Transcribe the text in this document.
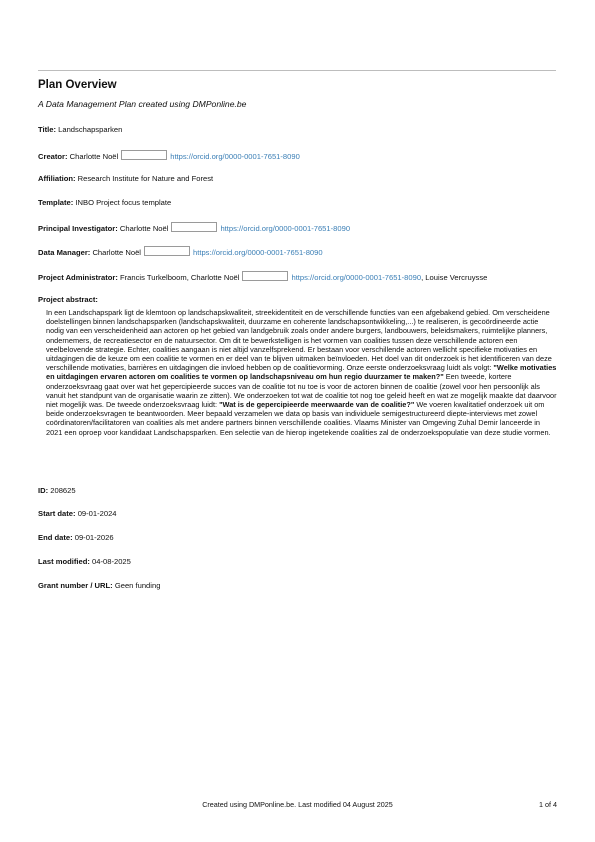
Plan Overview
A Data Management Plan created using DMPonline.be
Title: Landschapsparken
Creator: Charlotte Noël	https://orcid.org/0000-0001-7651-8090
Affiliation: Research Institute for Nature and Forest
Template: INBO Project focus template
Principal Investigator: Charlotte Noël	https://orcid.org/0000-0001-7651-8090
Data Manager: Charlotte Noël	https://orcid.org/0000-0001-7651-8090
Project Administrator: Francis Turkelboom, Charlotte Noël	https://orcid.org/0000-0001-7651-8090, Louise Vercruysse
Project abstract:

In een Landschapspark ligt de klemtoon op landschapskwaliteit, streekidentiteit en de verschillende functies van een afgebakend gebied. Om verscheidene doelstellingen binnen landschapsparken (landschapskwaliteit, duurzame en coherente landschapsontwikkeling,...) te realiseren, is gecoördineerde actie nodig van een verscheidenheid aan actoren op het gebied van landgebruik zoals onder andere burgers, landbouwers, beleidsmakers, ruimtelijke planners, ondernemers, de recreatiesector en de natuursector. Om dit te bewerkstelligen is het vormen van coalities tussen deze verschillende actoren een veelbelovende strategie. Echter, coalities aangaan is niet altijd vanzelfsprekend. Er bestaan voor verschillende actoren wellicht specifieke motivaties en uitdagingen die de keuze om een coalitie te vormen en er deel van te blijven uitmaken beïnvloeden. Het doel van dit onderzoek is het identificeren van deze verschillende motivaties, barrières en uitdagingen die invloed hebben op de coalitievorming. Onze eerste onderzoeksvraag luidt als volgt: "Welke motivaties en uitdagingen ervaren actoren om coalities te vormen op landschapsniveau om hun regio duurzamer te maken?" Een tweede, kortere onderzoeksvraag gaat over wat het gepercipieerde succes van de coalitie tot nu toe is voor de actoren binnen de coalitie (zowel voor hen persoonlijk als vanuit het standpunt van de organisatie waarin ze zitten). We onderzoeken tot wat de coalitie tot nog toe geleid heeft en wat ze mogelijk maakte dat daarvoor niet mogelijk was. De tweede onderzoeksvraag luidt: "Wat is de gepercipieerde meerwaarde van de coalitie?" We voeren kwalitatief onderzoek uit om beide onderzoeksvragen te beantwoorden. Meer bepaald verzamelen we data op basis van individuele semigestructureerd diepte-interviews met zowel coördinatoren/facilitatoren van coalities als met andere partners binnen verschillende coalities. Vlaams Minister van Omgeving Zuhal Demir lanceerde in 2021 een oproep voor kandidaat Landschapsparken. Een selectie van de hierop ingetekende coalities zal de onderzoekspopulatie van deze studie vormen.

ID: 208625
Start date: 09-01-2024
End date: 09-01-2026
Last modified: 04-08-2025
Grant number / URL: Geen funding
Created using DMPonline.be. Last modified 04 August 2025	1 of 4
